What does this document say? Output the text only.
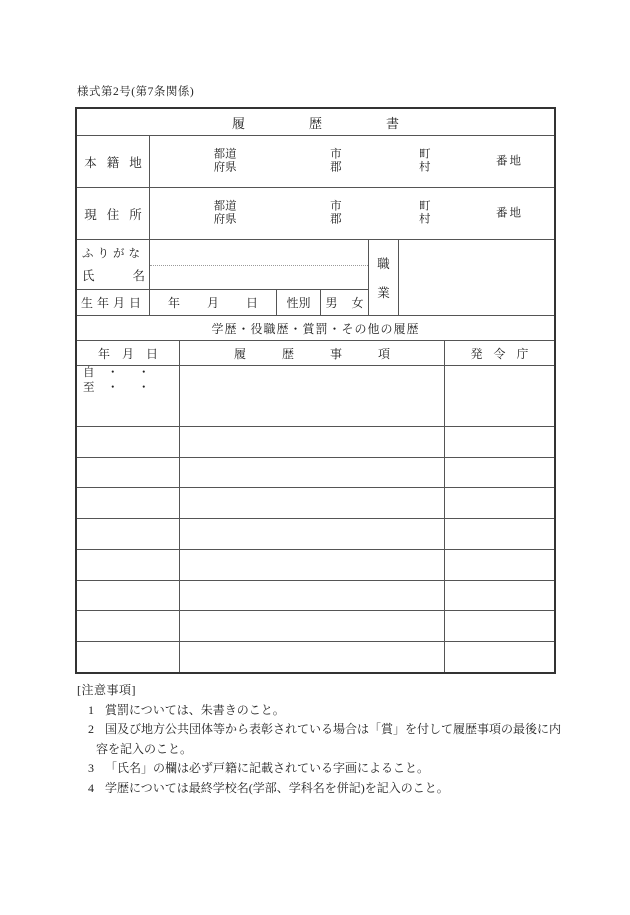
様式第2号(第7条関係)
履歴書
本籍地
都道
府県
市
郡
町
村
番地
現住所
都道
府県
市
郡
町
村
番地
ふりがな
氏名
生年月日 年月日 性別 男女
職
業
学歴・役職歴・賞罰・その他の履歴
年月日	履歴事項	発令庁
自 ・ ・
至 ・ ・
[注意事項]
1 賞罰については、朱書きのこと。
2 国及び地方公共団体等から表彰されている場合は「賞」を付して履歴事項の最後に内容を記入のこと。
3 「氏名」の欄は必ず戸籍に記載されている字画によること。
4 学歴については最終学校名(学部、学科名を併記)を記入のこと。
